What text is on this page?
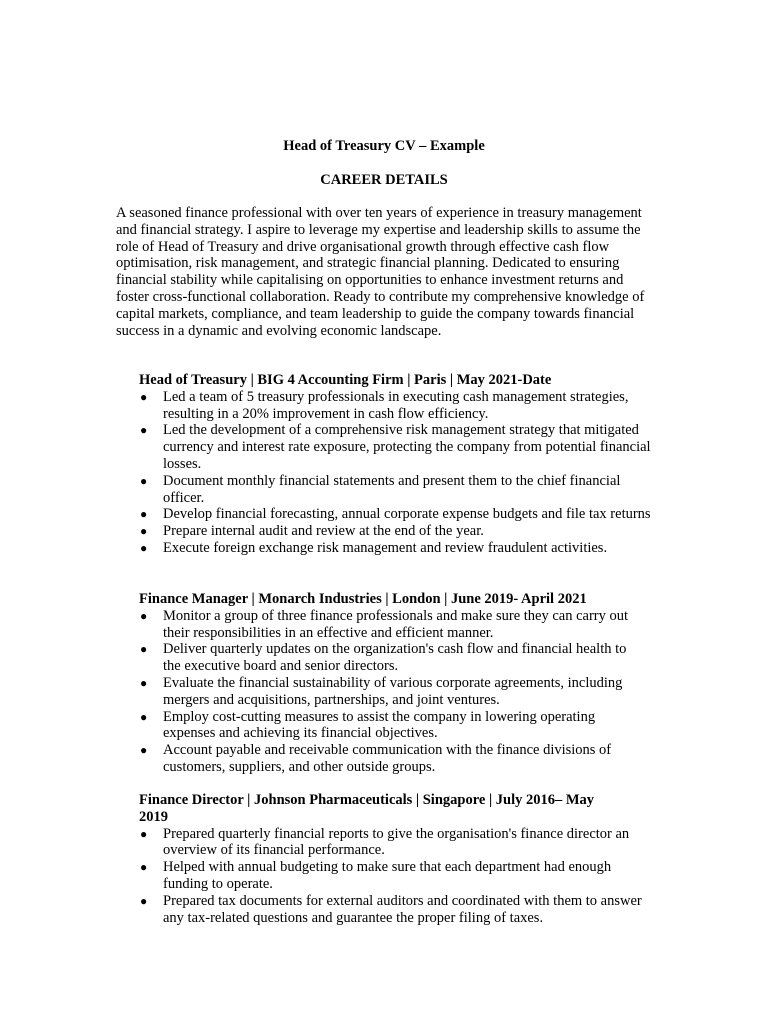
Head of Treasury CV – Example
CAREER DETAILS

A seasoned finance professional with over ten years of experience in treasury management and financial strategy. I aspire to leverage my expertise and leadership skills to assume the role of Head of Treasury and drive organisational growth through effective cash flow optimisation, risk management, and strategic financial planning. Dedicated to ensuring financial stability while capitalising on opportunities to enhance investment returns and foster cross-functional collaboration. Ready to contribute my comprehensive knowledge of capital markets, compliance, and team leadership to guide the company towards financial success in a dynamic and evolving economic landscape.

Head of Treasury | BIG 4 Accounting Firm | Paris | May 2021-Date

● Led a team of 5 treasury professionals in executing cash management strategies, resulting in a 20% improvement in cash flow efficiency.
● Led the development of a comprehensive risk management strategy that mitigated currency and interest rate exposure, protecting the company from potential financial losses.
● Document monthly financial statements and present them to the chief financial officer.
● Develop financial forecasting, annual corporate expense budgets and file tax returns
● Prepare internal audit and review at the end of the year.
● Execute foreign exchange risk management and review fraudulent activities.

Finance Manager | Monarch Industries | London | June 2019- April 2021

● Monitor a group of three finance professionals and make sure they can carry out their responsibilities in an effective and efficient manner.
● Deliver quarterly updates on the organization's cash flow and financial health to the executive board and senior directors.
● Evaluate the financial sustainability of various corporate agreements, including mergers and acquisitions, partnerships, and joint ventures.
● Employ cost-cutting measures to assist the company in lowering operating expenses and achieving its financial objectives.
● Account payable and receivable communication with the finance divisions of customers, suppliers, and other outside groups.

Finance Director | Johnson Pharmaceuticals | Singapore | July 2016– May 2019

● Prepared quarterly financial reports to give the organisation's finance director an overview of its financial performance.
● Helped with annual budgeting to make sure that each department had enough funding to operate.
● Prepared tax documents for external auditors and coordinated with them to answer any tax-related questions and guarantee the proper filing of taxes.
